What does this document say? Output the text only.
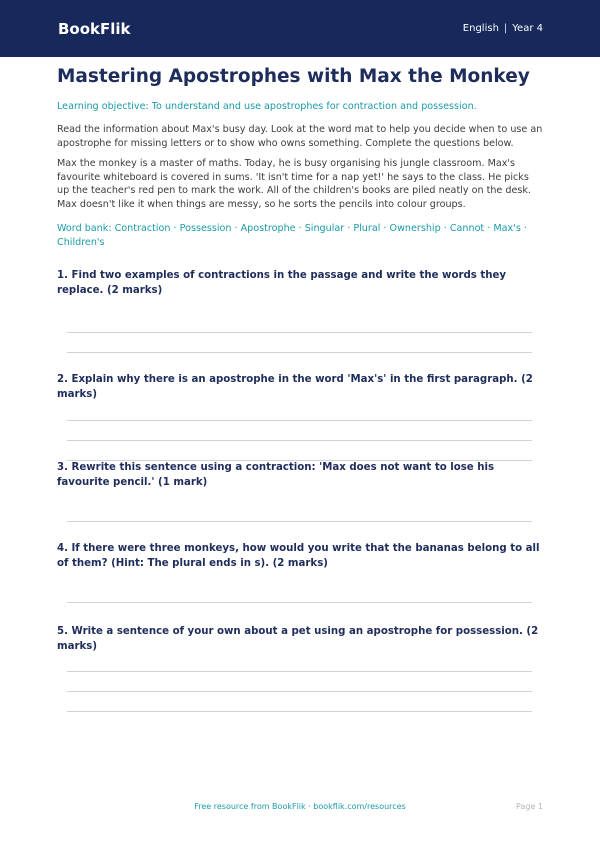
BookFlik	English | Year 4
Mastering Apostrophes with Max the Monkey

Learning objective: To understand and use apostrophes for contraction and possession.

Read the information about Max's busy day. Look at the word mat to help you decide when to use an apostrophe for missing letters or to show who owns something. Complete the questions below.

Max the monkey is a master of maths. Today, he is busy organising his jungle classroom. Max's favourite whiteboard is covered in sums. 'It isn't time for a nap yet!' he says to the class. He picks up the teacher's red pen to mark the work. All of the children's books are piled neatly on the desk. Max doesn't like it when things are messy, so he sorts the pencils into colour groups.

Word bank: Contraction · Possession · Apostrophe · Singular · Plural · Ownership · Cannot · Max's · Children's

1. Find two examples of contractions in the passage and write the words they replace. (2 marks)
2. Explain why there is an apostrophe in the word 'Max's' in the first paragraph. (2 marks)
3. Rewrite this sentence using a contraction: 'Max does not want to lose his favourite pencil.' (1 mark)
4. If there were three monkeys, how would you write that the bananas belong to all of them? (Hint: The plural ends in s). (2 marks)
5. Write a sentence of your own about a pet using an apostrophe for possession. (2 marks)
Free resource from BookFlik · bookflik.com/resources	Page 1
